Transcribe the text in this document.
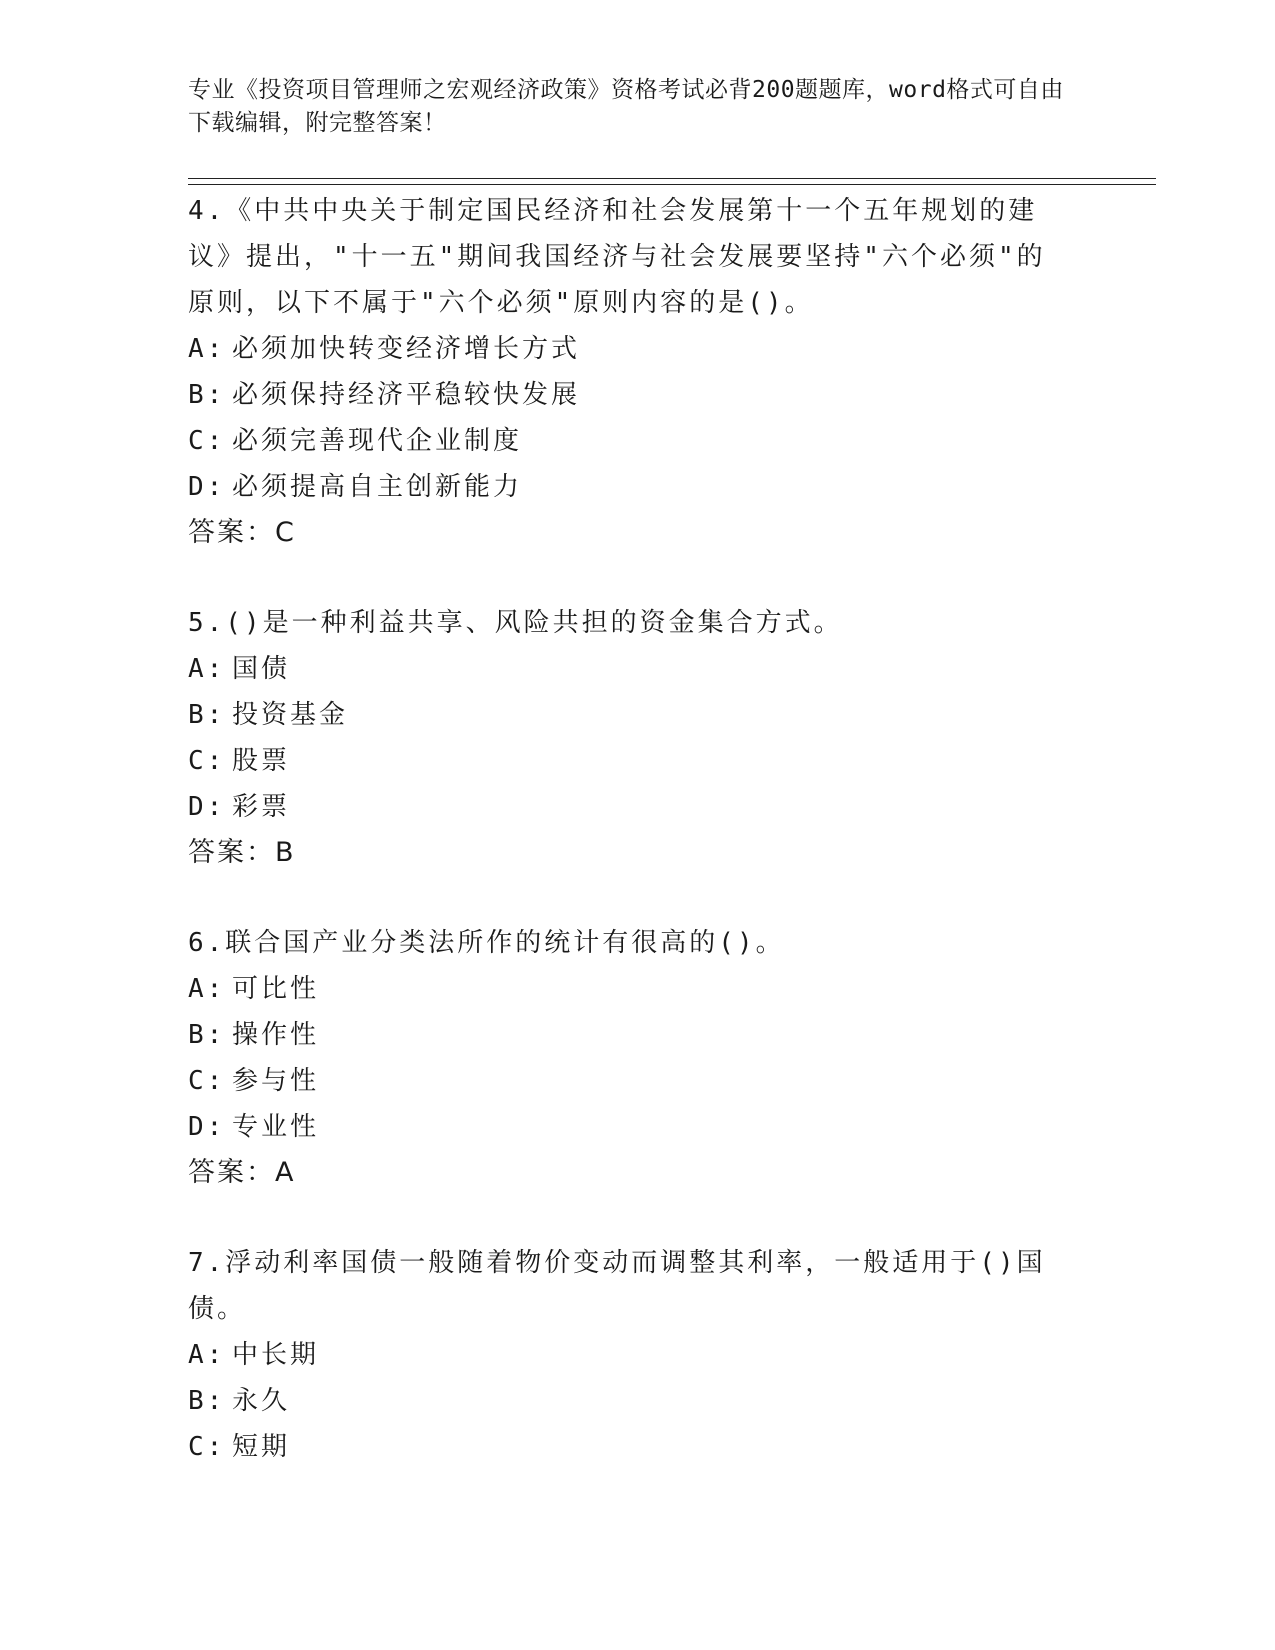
专业《投资项目管理师之宏观经济政策》资格考试必背200题题库，word格式可自由下载编辑，附完整答案！

4.《中共中央关于制定国民经济和社会发展第十一个五年规划的建议》提出，"十一五"期间我国经济与社会发展要坚持"六个必须"的原则，以下不属于"六个必须"原则内容的是()。

A: 必须加快转变经济增长方式

B: 必须保持经济平稳较快发展

C: 必须完善现代企业制度

D: 必须提高自主创新能力

答案：C

5.()是一种利益共享、风险共担的资金集合方式。

A: 国债

B: 投资基金

C: 股票

D: 彩票

答案：B

6.联合国产业分类法所作的统计有很高的()。

A: 可比性

B: 操作性

C: 参与性

D: 专业性

答案：A

7.浮动利率国债一般随着物价变动而调整其利率，一般适用于()国债。

A: 中长期

B: 永久

C: 短期
